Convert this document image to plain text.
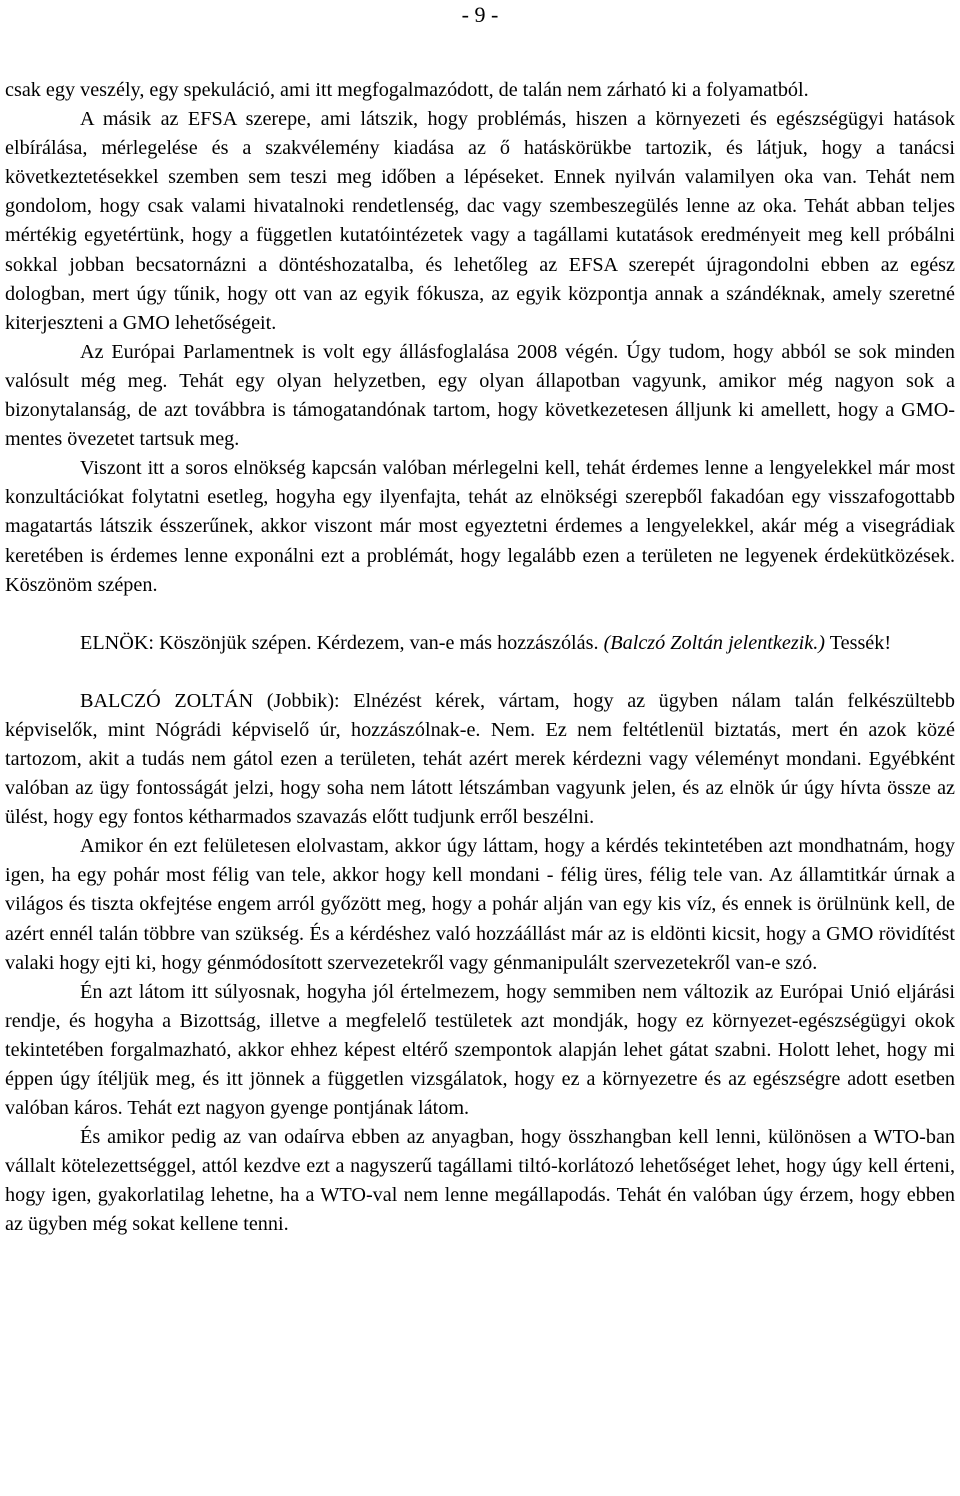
- 9 -

csak egy veszély, egy spekuláció, ami itt megfogalmazódott, de talán nem zárható ki a folyamatból.

A másik az EFSA szerepe, ami látszik, hogy problémás, hiszen a környezeti és egészségügyi hatások elbírálása, mérlegelése és a szakvélemény kiadása az ő hatáskörükbe tartozik, és látjuk, hogy a tanácsi következtetésekkel szemben sem teszi meg időben a lépéseket. Ennek nyilván valamilyen oka van. Tehát nem gondolom, hogy csak valami hivatalnoki rendetlenség, dac vagy szembeszegülés lenne az oka. Tehát abban teljes mértékig egyetértünk, hogy a független kutatóintézetek vagy a tagállami kutatások eredményeit meg kell próbálni sokkal jobban becsatornázni a döntéshozatalba, és lehetőleg az EFSA szerepét újragondolni ebben az egész dologban, mert úgy tűnik, hogy ott van az egyik fókusza, az egyik központja annak a szándéknak, amely szeretné kiterjeszteni a GMO lehetőségeit.

Az Európai Parlamentnek is volt egy állásfoglalása 2008 végén. Úgy tudom, hogy abból se sok minden valósult még meg. Tehát egy olyan helyzetben, egy olyan állapotban vagyunk, amikor még nagyon sok a bizonytalanság, de azt továbbra is támogatandónak tartom, hogy következetesen álljunk ki amellett, hogy a GMO-mentes övezetet tartsuk meg.

Viszont itt a soros elnökség kapcsán valóban mérlegelni kell, tehát érdemes lenne a lengyelekkel már most konzultációkat folytatni esetleg, hogyha egy ilyenfajta, tehát az elnökségi szerepből fakadóan egy visszafogottabb magatartás látszik ésszerűnek, akkor viszont már most egyeztetni érdemes a lengyelekkel, akár még a visegrádiak keretében is érdemes lenne exponálni ezt a problémát, hogy legalább ezen a területen ne legyenek érdekütközések. Köszönöm szépen.

ELNÖK: Köszönjük szépen. Kérdezem, van-e más hozzászólás. (Balczó Zoltán jelentkezik.) Tessék!

BALCZÓ ZOLTÁN (Jobbik): Elnézést kérek, vártam, hogy az ügyben nálam talán felkészültebb képviselők, mint Nógrádi képviselő úr, hozzászólnak-e. Nem. Ez nem feltétlenül biztatás, mert én azok közé tartozom, akit a tudás nem gátol ezen a területen, tehát azért merek kérdezni vagy véleményt mondani. Egyébként valóban az ügy fontosságát jelzi, hogy soha nem látott létszámban vagyunk jelen, és az elnök úr úgy hívta össze az ülést, hogy egy fontos kétharmados szavazás előtt tudjunk erről beszélni.

Amikor én ezt felületesen elolvastam, akkor úgy láttam, hogy a kérdés tekintetében azt mondhatnám, hogy igen, ha egy pohár most félig van tele, akkor hogy kell mondani - félig üres, félig tele van. Az államtitkár úrnak a világos és tiszta okfejtése engem arról győzött meg, hogy a pohár alján van egy kis víz, és ennek is örülnünk kell, de azért ennél talán többre van szükség. És a kérdéshez való hozzáállást már az is eldönti kicsit, hogy a GMO rövidítést valaki hogy ejti ki, hogy génmódosított szervezetekről vagy génmanipulált szervezetekről van-e szó.

Én azt látom itt súlyosnak, hogyha jól értelmezem, hogy semmiben nem változik az Európai Unió eljárási rendje, és hogyha a Bizottság, illetve a megfelelő testületek azt mondják, hogy ez környezet-egészségügyi okok tekintetében forgalmazható, akkor ehhez képest eltérő szempontok alapján lehet gátat szabni. Holott lehet, hogy mi éppen úgy ítéljük meg, és itt jönnek a független vizsgálatok, hogy ez a környezetre és az egészségre adott esetben valóban káros. Tehát ezt nagyon gyenge pontjának látom.

És amikor pedig az van odaírva ebben az anyagban, hogy összhangban kell lenni, különösen a WTO-ban vállalt kötelezettséggel, attól kezdve ezt a nagyszerű tagállami tiltó-korlátozó lehetőséget lehet, hogy úgy kell érteni, hogy igen, gyakorlatilag lehetne, ha a WTO-val nem lenne megállapodás. Tehát én valóban úgy érzem, hogy ebben az ügyben még sokat kellene tenni.
